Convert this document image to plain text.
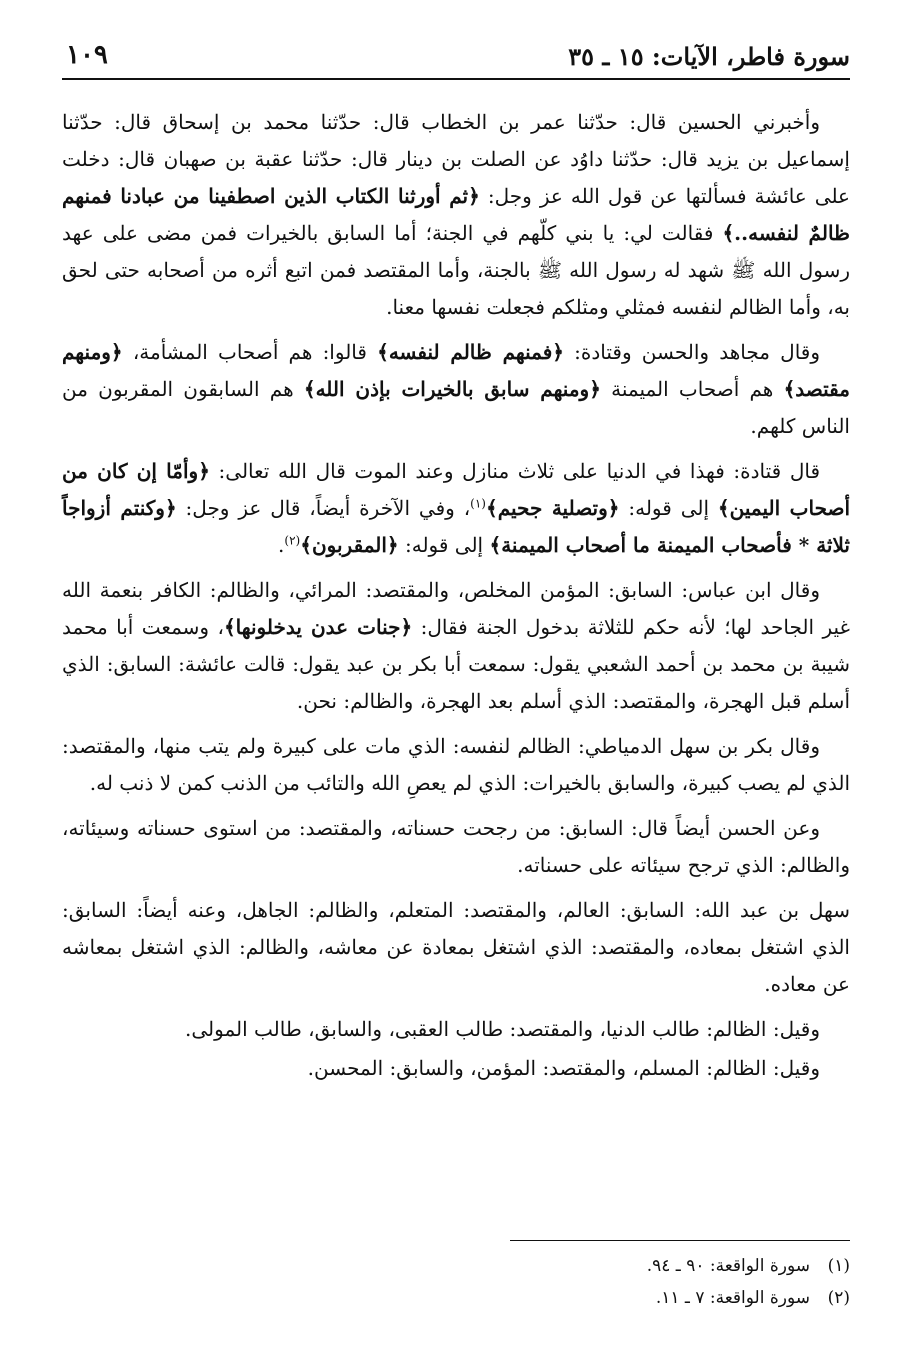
سورة فاطر، الآيات: ١٥ ـ ٣٥
١٠٩

وأخبرني الحسين قال: حدّثنا عمر بن الخطاب قال: حدّثنا محمد بن إسحاق قال: حدّثنا إسماعيل بن يزيد قال: حدّثنا داوُد عن الصلت بن دينار قال: حدّثنا عقبة بن صهبان قال: دخلت على عائشة فسألتها عن قول الله عز وجل: ﴿ثم أورثنا الكتاب الذين اصطفينا من عبادنا فمنهم ظالمٌ لنفسه..﴾ فقالت لي: يا بني كلّهم في الجنة؛ أما السابق بالخيرات فمن مضى على عهد رسول الله ﷺ شهد له رسول الله ﷺ بالجنة، وأما المقتصد فمن اتبع أثره من أصحابه حتى لحق به، وأما الظالم لنفسه فمثلي ومثلكم فجعلت نفسها معنا.

وقال مجاهد والحسن وقتادة: ﴿فمنهم ظالم لنفسه﴾ قالوا: هم أصحاب المشأمة، ﴿ومنهم مقتصد﴾ هم أصحاب الميمنة ﴿ومنهم سابق بالخيرات بإذن الله﴾ هم السابقون المقربون من الناس كلهم.

قال قتادة: فهذا في الدنيا على ثلاث منازل وعند الموت قال الله تعالى: ﴿وأمّا إن كان من أصحاب اليمين﴾ إلى قوله: ﴿وتصلية جحيم﴾$^{(١)}$، وفي الآخرة أيضاً، قال عز وجل: ﴿وكنتم أزواجاً ثلاثة * فأصحاب الميمنة ما أصحاب الميمنة﴾ إلى قوله: ﴿المقربون﴾$^{(٢)}$.

وقال ابن عباس: السابق: المؤمن المخلص، والمقتصد: المرائي، والظالم: الكافر بنعمة الله غير الجاحد لها؛ لأنه حكم للثلاثة بدخول الجنة فقال: ﴿جنات عدن يدخلونها﴾، وسمعت أبا محمد شيبة بن محمد بن أحمد الشعبي يقول: سمعت أبا بكر بن عبد يقول: قالت عائشة: السابق: الذي أسلم قبل الهجرة، والمقتصد: الذي أسلم بعد الهجرة، والظالم: نحن.

وقال بكر بن سهل الدمياطي: الظالم لنفسه: الذي مات على كبيرة ولم يتب منها، والمقتصد: الذي لم يصب كبيرة، والسابق بالخيرات: الذي لم يعصِ الله والتائب من الذنب كمن لا ذنب له.

وعن الحسن أيضاً قال: السابق: من رجحت حسناته، والمقتصد: من استوى حسناته وسيئاته، والظالم: الذي ترجح سيئاته على حسناته.

سهل بن عبد الله: السابق: العالم، والمقتصد: المتعلم، والظالم: الجاهل، وعنه أيضاً: السابق: الذي اشتغل بمعاده، والمقتصد: الذي اشتغل بمعادة عن معاشه، والظالم: الذي اشتغل بمعاشه عن معاده.

وقيل: الظالم: طالب الدنيا، والمقتصد: طالب العقبى، والسابق، طالب المولى.

وقيل: الظالم: المسلم، والمقتصد: المؤمن، والسابق: المحسن.

(١)سورة الواقعة: ٩٠ ـ ٩٤.

(٢)سورة الواقعة: ٧ ـ ١١.
